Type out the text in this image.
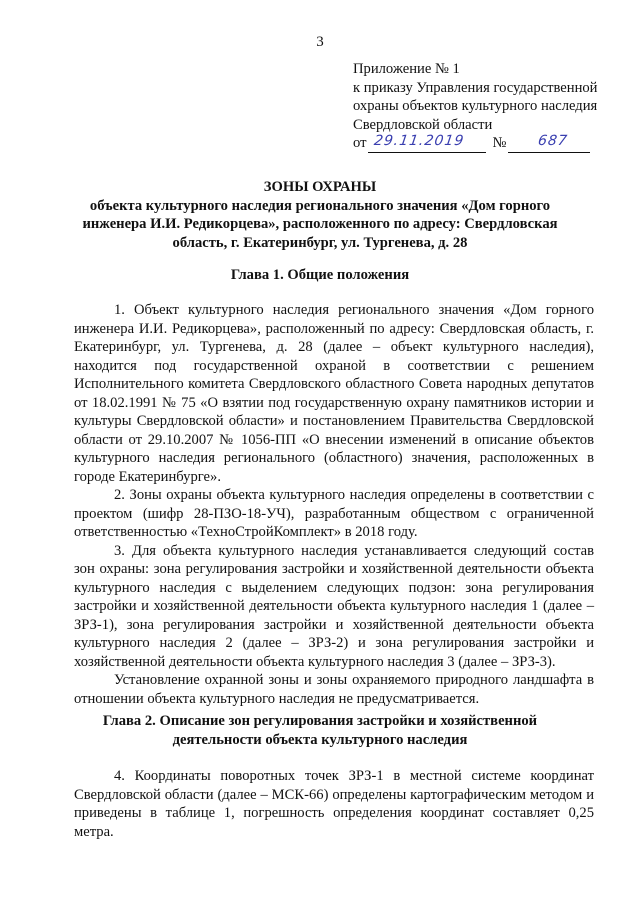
3
Приложение № 1
к приказу Управления государственной
охраны объектов культурного наследия
Свердловской области
от 29.11.2019 № 687
ЗОНЫ ОХРАНЫ
объекта культурного наследия регионального значения «Дом горного инженера И.И. Редикорцева», расположенного по адресу: Свердловская область, г. Екатеринбург, ул. Тургенева, д. 28
Глава 1. Общие положения

1. Объект культурного наследия регионального значения «Дом горного инженера И.И. Редикорцева», расположенный по адресу: Свердловская область, г. Екатеринбург, ул. Тургенева, д. 28 (далее – объект культурного наследия), находится под государственной охраной в соответствии с решением Исполнительного комитета Свердловского областного Совета народных депутатов от 18.02.1991 № 75 «О взятии под государственную охрану памятников истории и культуры Свердловской области» и постановлением Правительства Свердловской области от 29.10.2007 № 1056-ПП «О внесении изменений в описание объектов культурного наследия регионального (областного) значения, расположенных в городе Екатеринбурге».

2. Зоны охраны объекта культурного наследия определены в соответствии с проектом (шифр 28-ПЗО-18-УЧ), разработанным обществом с ограниченной ответственностью «ТехноСтройКомплект» в 2018 году.

3. Для объекта культурного наследия устанавливается следующий состав зон охраны: зона регулирования застройки и хозяйственной деятельности объекта культурного наследия с выделением следующих подзон: зона регулирования застройки и хозяйственной деятельности объекта культурного наследия 1 (далее – ЗРЗ-1), зона регулирования застройки и хозяйственной деятельности объекта культурного наследия 2 (далее – ЗРЗ-2) и зона регулирования застройки и хозяйственной деятельности объекта культурного наследия 3 (далее – ЗРЗ-3).

Установление охранной зоны и зоны охраняемого природного ландшафта в отношении объекта культурного наследия не предусматривается.

Глава 2. Описание зон регулирования застройки и хозяйственной
деятельности объекта культурного наследия

4. Координаты поворотных точек ЗРЗ-1 в местной системе координат Свердловской области (далее – МСК-66) определены картографическим методом и приведены в таблице 1, погрешность определения координат составляет 0,25 метра.
